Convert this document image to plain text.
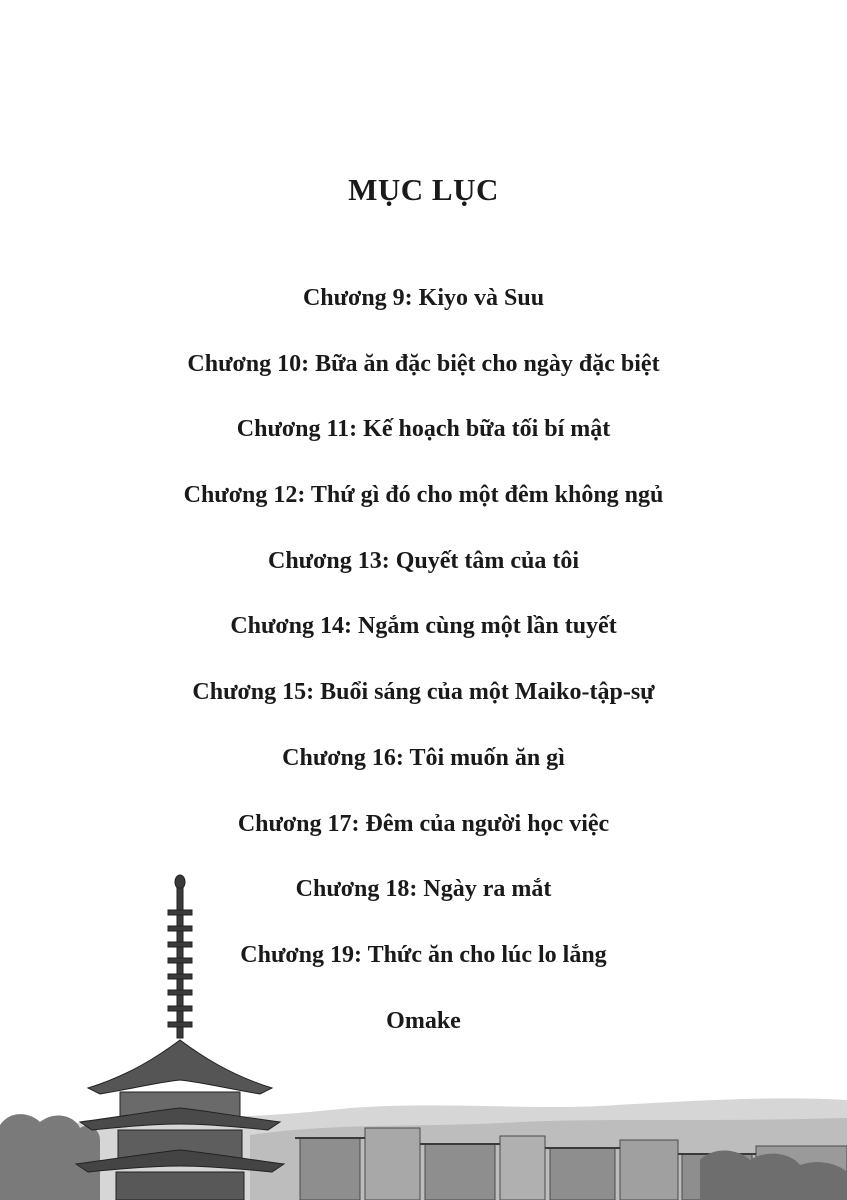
MỤC LỤC
Chương 9: Kiyo và Suu
Chương 10: Bữa ăn đặc biệt cho ngày đặc biệt
Chương 11: Kế hoạch bữa tối bí mật
Chương 12: Thứ gì đó cho một đêm không ngủ
Chương 13: Quyết tâm của tôi
Chương 14: Ngắm cùng một lần tuyết
Chương 15: Buổi sáng của một Maiko-tập-sự
Chương 16: Tôi muốn ăn gì
Chương 17: Đêm của người học việc
Chương 18: Ngày ra mắt
Chương 19: Thức ăn cho lúc lo lắng
Omake
